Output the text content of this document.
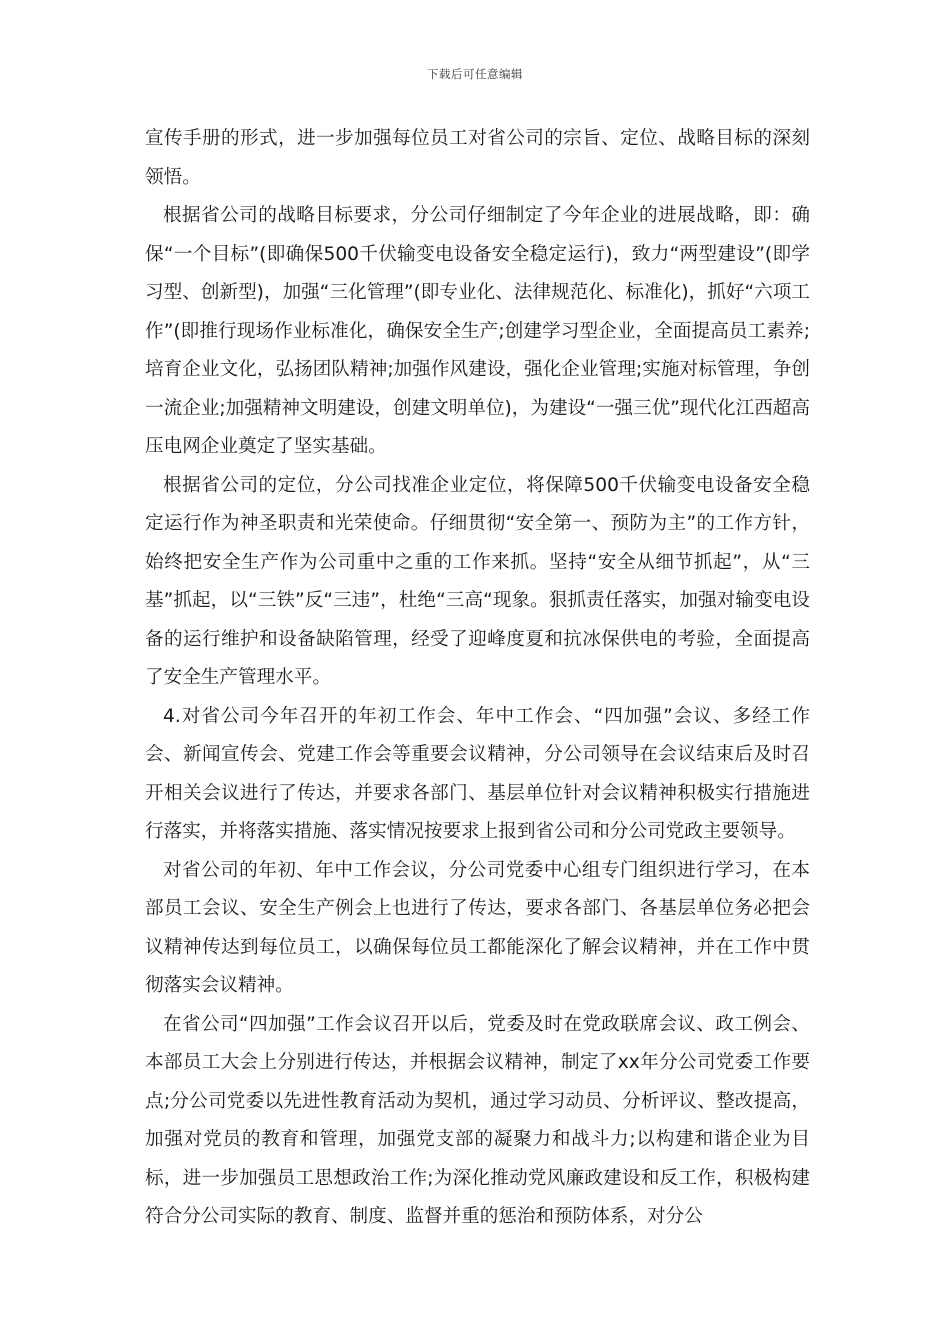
下载后可任意编辑

宣传手册的形式，进一步加强每位员工对省公司的宗旨、定位、战略目标的深刻领悟。

根据省公司的战略目标要求，分公司仔细制定了今年企业的进展战略，即：确保“一个目标”(即确保500千伏输变电设备安全稳定运行)，致力“两型建设”(即学习型、创新型)，加强“三化管理”(即专业化、法律规范化、标准化)，抓好“六项工作”(即推行现场作业标准化，确保安全生产;创建学习型企业，全面提高员工素养;培育企业文化，弘扬团队精神;加强作风建设，强化企业管理;实施对标管理，争创一流企业;加强精神文明建设，创建文明单位)，为建设“一强三优”现代化江西超高压电网企业奠定了坚实基础。

根据省公司的定位，分公司找准企业定位，将保障500千伏输变电设备安全稳定运行作为神圣职责和光荣使命。仔细贯彻“安全第一、预防为主”的工作方针，始终把安全生产作为公司重中之重的工作来抓。坚持“安全从细节抓起”，从“三基”抓起，以“三铁”反“三违”，杜绝“三高“现象。狠抓责任落实，加强对输变电设备的运行维护和设备缺陷管理，经受了迎峰度夏和抗冰保供电的考验，全面提高了安全生产管理水平。

4.对省公司今年召开的年初工作会、年中工作会、“四加强”会议、多经工作会、新闻宣传会、党建工作会等重要会议精神，分公司领导在会议结束后及时召开相关会议进行了传达，并要求各部门、基层单位针对会议精神积极实行措施进行落实，并将落实措施、落实情况按要求上报到省公司和分公司党政主要领导。

对省公司的年初、年中工作会议，分公司党委中心组专门组织进行学习，在本部员工会议、安全生产例会上也进行了传达，要求各部门、各基层单位务必把会议精神传达到每位员工，以确保每位员工都能深化了解会议精神，并在工作中贯彻落实会议精神。

在省公司“四加强”工作会议召开以后，党委及时在党政联席会议、政工例会、本部员工大会上分别进行传达，并根据会议精神，制定了xx年分公司党委工作要点;分公司党委以先进性教育活动为契机，通过学习动员、分析评议、整改提高，加强对党员的教育和管理，加强党支部的凝聚力和战斗力;以构建和谐企业为目标，进一步加强员工思想政治工作;为深化推动党风廉政建设和反工作，积极构建符合分公司实际的教育、制度、监督并重的惩治和预防体系，对分公
